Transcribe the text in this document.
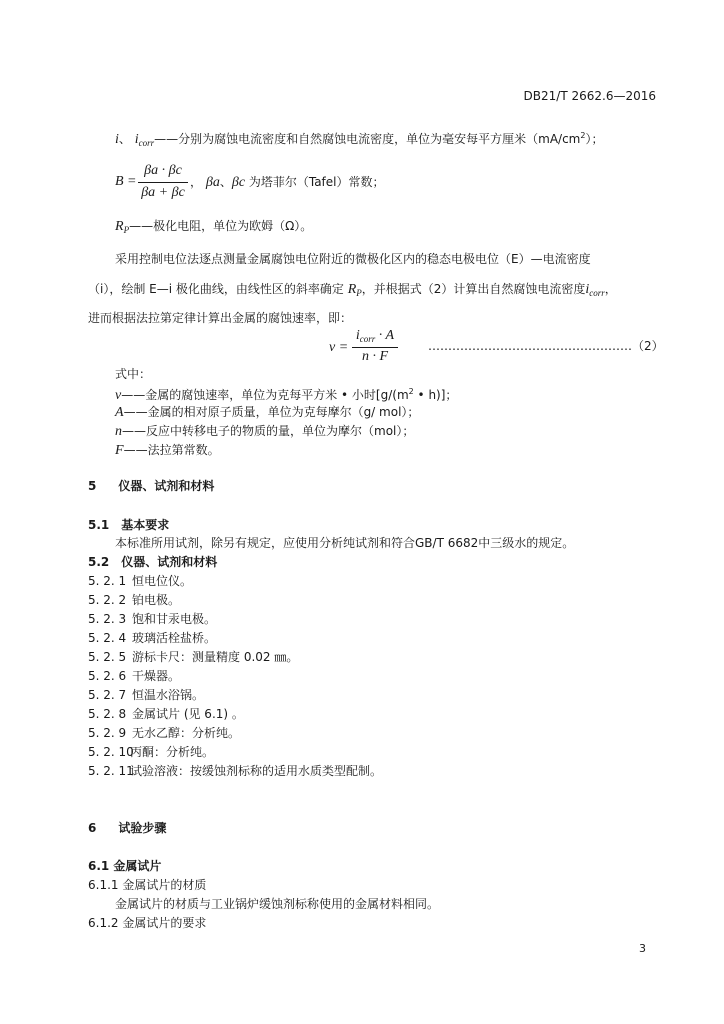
DB21/T 2662.6—2016
i、 $i_{corr}——$分别为腐蚀电流密度和自然腐蚀电流密度，单位为毫安每平方厘米$(mA/cm^2)$；
B =
βa · βc
βa + βc
， βa、βc 为塔菲尔（Tafel）常数；
$R_P——$极化电阻，单位为欧姆（Ω）。
采用控制电位法逐点测量金属腐蚀电位附近的微极化区内的稳态电极电位（E）—电流密度
（i），绘制 E—i 极化曲线，由线性区的斜率确定 $R_P$，并根据式（2）计算出自然腐蚀电流密度$i_{corr}$，
进而根据法拉第定律计算出金属的腐蚀速率，即：
v =
$i_{corr} \cdot A$
n · F
……………………………………………（2）
式中：
v——金属的腐蚀速率，单位为克每平方米 • 小时[$g/(m^2$ • h)]；
A——金属的相对原子质量，单位为克每摩尔（g/ mol）；
n——反应中转移电子的物质的量，单位为摩尔（mol）；
F——法拉第常数。
5 仪器、试剂和材料
5.1 基本要求
本标准所用试剂，除另有规定，应使用分析纯试剂和符合GB/T 6682中三级水的规定。
5.2 仪器、试剂和材料
5. 2. 1 恒电位仪。
5. 2. 2 铂电极。
5. 2. 3 饱和甘汞电极。
5. 2. 4 玻璃活栓盐桥。
5. 2. 5 游标卡尺：测量精度 0.02 ㎜。
5. 2. 6 干燥器。
5. 2. 7 恒温水浴锅。
5. 2. 8 金属试片 (见 6.1) 。
5. 2. 9 无水乙醇：分析纯。
5. 2. 10丙酮：分析纯。
5. 2. 11试验溶液：按缓蚀剂标称的适用水质类型配制。
6 试验步骤
6.1 金属试片
6.1.1 金属试片的材质
金属试片的材质与工业锅炉缓蚀剂标称使用的金属材料相同。
6.1.2 金属试片的要求
3
